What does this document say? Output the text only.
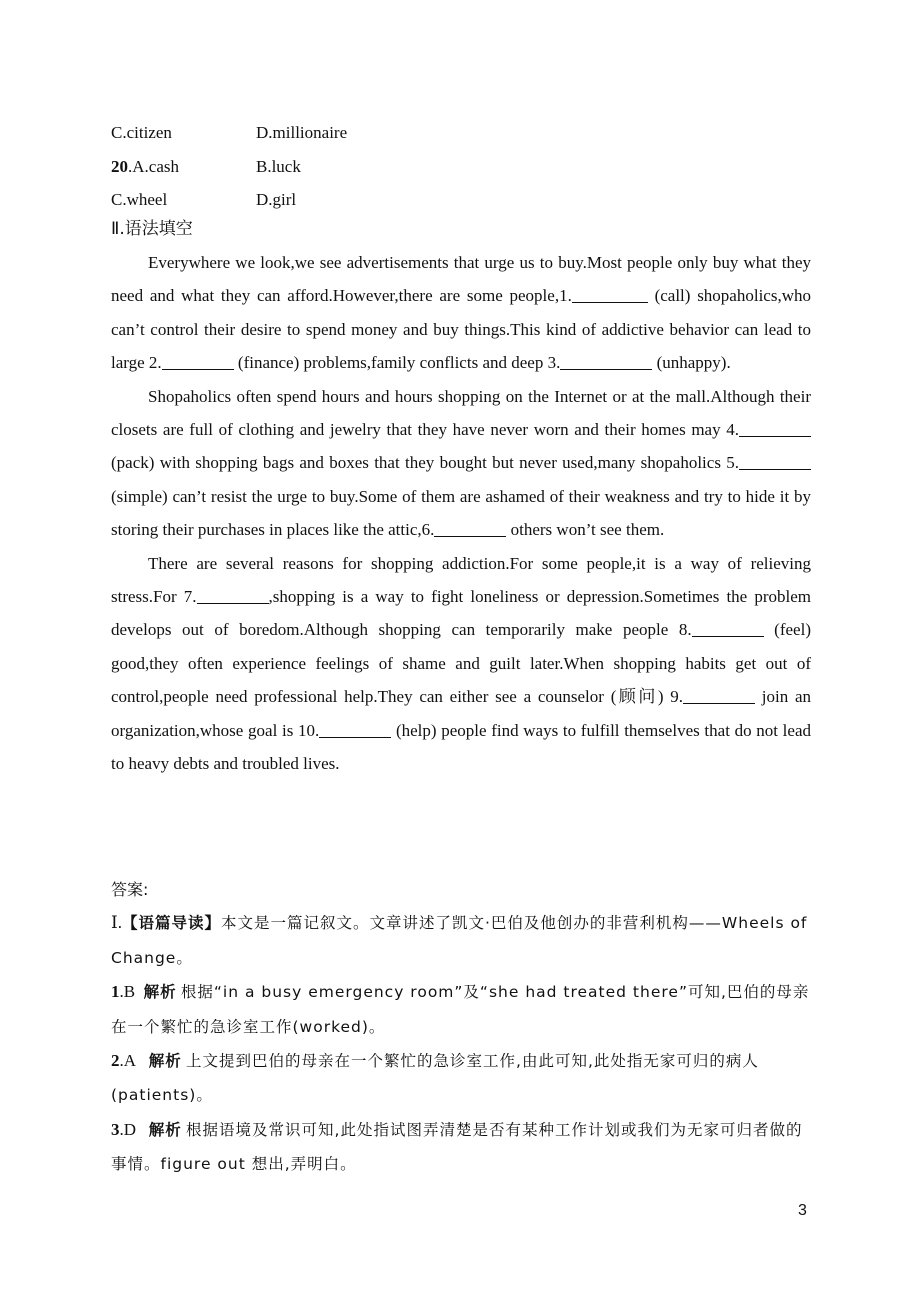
C.citizen	D.millionaire
20.A.cash	B.luck
C.wheel	D.girl
Ⅱ.语法填空

Everywhere we look,we see advertisements that urge us to buy.Most people only buy what they need and what they can afford.However,there are some people,1.	(call) shopaholics,who can’t control their desire to spend money and buy things.This kind of addictive behavior can lead to large 2.	(finance) problems,family conflicts and deep 3.	(unhappy).

Shopaholics often spend hours and hours shopping on the Internet or at the mall.Although their closets are full of clothing and jewelry that they have never worn and their homes may 4. (pack) with shopping bags and boxes that they bought but never used,many shopaholics 5. (simple) can’t resist the urge to buy.Some of them are ashamed of their weakness and try to hide it by storing their purchases in places like the attic,6.	others won’t see them.

There are several reasons for shopping addiction.For some people,it is a way of relieving stress.For 7.	,shopping is a way to fight loneliness or depression.Sometimes the problem develops out of boredom.Although shopping can temporarily make people 8.	(feel) good,they often experience feelings of shame and guilt later.When shopping habits get out of control,people need professional help.They can either see a counselor (顾问) 9.	join an organization,whose goal is 10.	(help) people find ways to fulfill themselves that do not lead to heavy debts and troubled lives.

答案:

Ⅰ.【语篇导读】本文是一篇记叙文。文章讲述了凯文·巴伯及他创办的非营利机构——Wheels of Change。

1.B 解析 根据“in a busy emergency room”及“she had treated there”可知,巴伯的母亲在一个繁忙的急诊室工作(worked)。

2.A 解析 上文提到巴伯的母亲在一个繁忙的急诊室工作,由此可知,此处指无家可归的病人(patients)。

3.D 解析 根据语境及常识可知,此处指试图弄清楚是否有某种工作计划或我们为无家可归者做的事情。figure out 想出,弄明白。

3
